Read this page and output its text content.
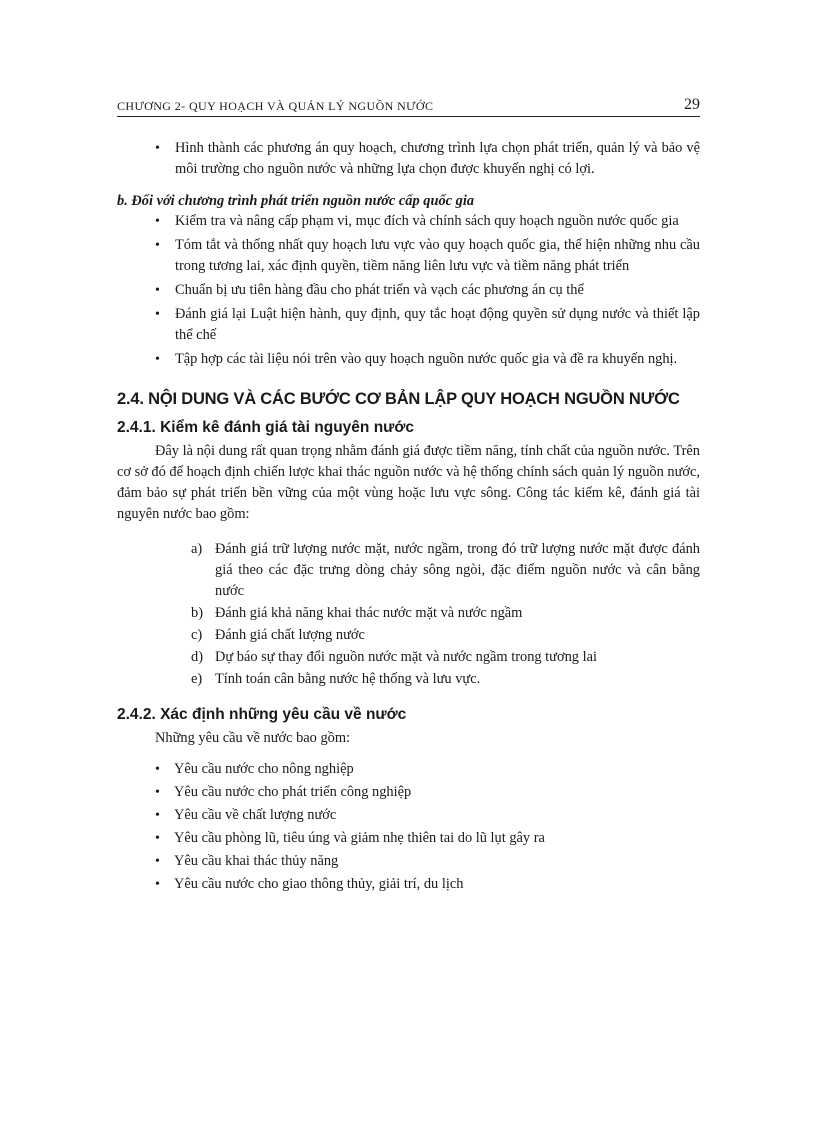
CHƯƠNG 2- QUY HOẠCH VÀ QUẢN LÝ NGUỒN NƯỚC	29
• Hình thành các phương án quy hoạch, chương trình lựa chọn phát triển, quản lý và bảo vệ môi trường cho nguồn nước và những lựa chọn được khuyến nghị có lợi.
b. Đối với chương trình phát triển nguồn nước cấp quốc gia
• Kiểm tra và nâng cấp phạm vi, mục đích và chính sách quy hoạch nguồn nước quốc gia
• Tóm tắt và thống nhất quy hoạch lưu vực vào quy hoạch quốc gia, thể hiện những nhu cầu trong tương lai, xác định quyền, tiềm năng liên lưu vực và tiềm năng phát triển
• Chuẩn bị ưu tiên hàng đầu cho phát triển và vạch các phương án cụ thể
• Đánh giá lại Luật hiện hành, quy định, quy tắc hoạt động quyền sử dụng nước và thiết lập thể chế
• Tập hợp các tài liệu nói trên vào quy hoạch nguồn nước quốc gia và đề ra khuyến nghị.
2.4. NỘI DUNG VÀ CÁC BƯỚC CƠ BẢN LẬP QUY HOẠCH NGUỒN NƯỚC
2.4.1. Kiểm kê đánh giá tài nguyên nước

Đây là nội dung rất quan trọng nhằm đánh giá được tiềm năng, tính chất của nguồn nước. Trên cơ sở đó để hoạch định chiến lược khai thác nguồn nước và hệ thống chính sách quản lý nguồn nước, đảm bảo sự phát triển bền vững của một vùng hoặc lưu vực sông. Công tác kiểm kê, đánh giá tài nguyên nước bao gồm:

a) Đánh giá trữ lượng nước mặt, nước ngầm, trong đó trữ lượng nước mặt được đánh giá theo các đặc trưng dòng chảy sông ngòi, đặc điểm nguồn nước và cân bằng nước
b) Đánh giá khả năng khai thác nước mặt và nước ngầm
c) Đánh giá chất lượng nước
d) Dự báo sự thay đổi nguồn nước mặt và nước ngầm trong tương lai
e) Tính toán cân bằng nước hệ thống và lưu vực.
2.4.2. Xác định những yêu cầu về nước

Những yêu cầu về nước bao gồm:

• Yêu cầu nước cho nông nghiệp
• Yêu cầu nước cho phát triển công nghiệp
• Yêu cầu về chất lượng nước
• Yêu cầu phòng lũ, tiêu úng và giảm nhẹ thiên tai do lũ lụt gây ra
• Yêu cầu khai thác thủy năng
• Yêu cầu nước cho giao thông thủy, giải trí, du lịch
